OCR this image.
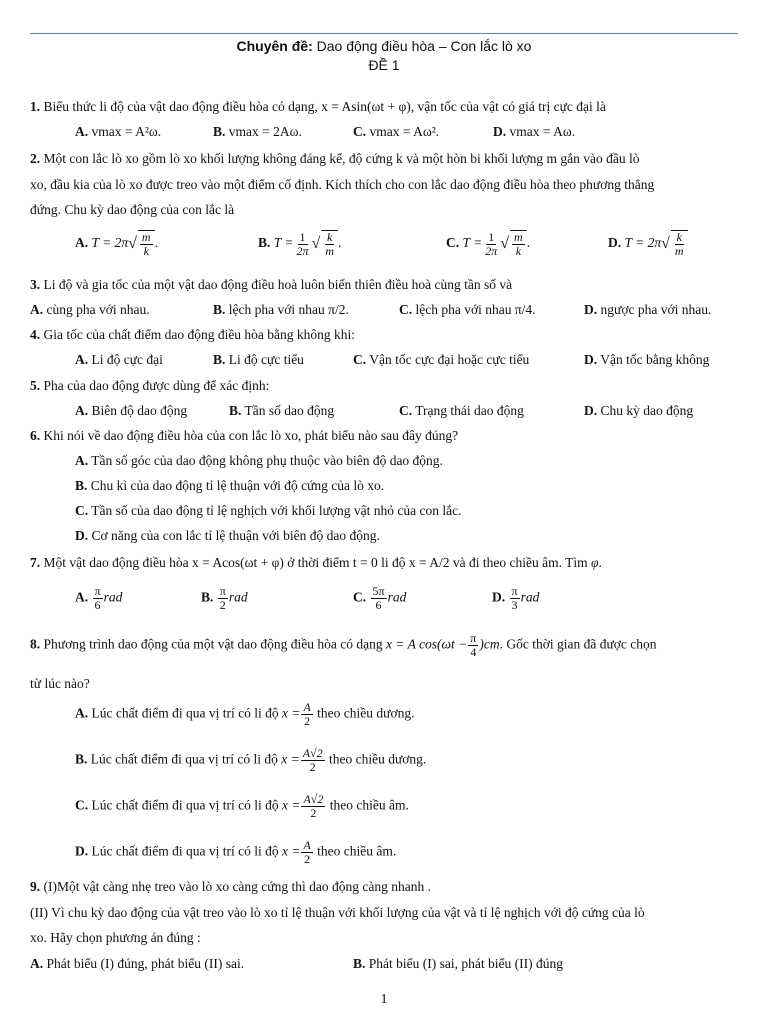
Chuyên đề: Dao động điều hòa – Con lắc lò xo
ĐỀ 1
1. Biểu thức li độ của vật dao động điều hòa có dạng, x = Asin(ωt + φ), vận tốc của vật có giá trị cực đại là
A. vmax = A²ω.	B. vmax = 2Aω.	C. vmax = Aω².	D. vmax = Aω.
2. Một con lắc lò xo gồm lò xo khối lượng không đáng kể, độ cứng k và một hòn bi khối lượng m gắn vào đầu lò
xo, đầu kia của lò xo được treo vào một điểm cố định. Kích thích cho con lắc dao động điều hòa theo phương thẳng
đứng. Chu kỳ dao động của con lắc là
A. $T = 2\pi√ \frac{m}{k}$ .	B. $T = \frac{1}{2\pi}$ √ $\frac{k}{m}$ .	C. $T = \frac{1}{2\pi}$ √ $\frac{m}{k}$ .	D. $T = 2\pi√ \frac{k}{m}$
3. Li độ và gia tốc của một vật dao động điều hoà luôn biến thiên điều hoà cùng tần số và
A. cùng pha với nhau.	B. lệch pha với nhau π/2.	C. lệch pha với nhau π/4.	D. ngược pha với nhau.
4. Gia tốc của chất điểm dao động điều hòa bằng không khi:
A. Li độ cực đại	B. Li độ cực tiểu	C. Vận tốc cực đại hoặc cực tiểu	D. Vận tốc bằng không
5. Pha của dao động được dùng để xác định:
A. Biên độ dao động	B. Tần số dao động	C. Trạng thái dao động	D. Chu kỳ dao động
6. Khi nói về dao động điều hòa của con lắc lò xo, phát biểu nào sau đây đúng?
A. Tần số góc của dao động không phụ thuộc vào biên độ dao động.
B. Chu kì của dao động tỉ lệ thuận với độ cứng của lò xo.
C. Tần số của dao động tỉ lệ nghịch với khối lượng vật nhỏ của con lắc.
D. Cơ năng của con lắc tỉ lệ thuận với biên độ dao động.
7. Một vật dao động điều hòa x = Acos(ωt + φ) ở thời điểm t = 0 li độ x = A/2 và đi theo chiều âm. Tìm φ.
A. $\frac{\pi}{6}$ rad	B. $\frac{\pi}{2}$ rad	C. $\frac{5\pi}{6}$ rad	D. $\frac{\pi}{3}$ rad
8. Phương trình dao động của một vật dao động điều hòa có dạng x = A $\cos(\omega t - \frac{\pi}{4} )cm$. Gốc thời gian đã được chọn
từ lúc nào?
A. Lúc chất điểm đi qua vị trí có li độ $x = \frac{A}{2}$ theo chiều dương.
B. Lúc chất điểm đi qua vị trí có li độ $x = \frac{A√2}{2}$ theo chiều dương.
C. Lúc chất điểm đi qua vị trí có li độ $x = \frac{A√2}{2}$ theo chiều âm.
D. Lúc chất điểm đi qua vị trí có li độ $x = \frac{A}{2}$ theo chiều âm.
9. (I)Một vật càng nhẹ treo vào lò xo càng cứng thì dao động càng nhanh .
(II) Vì chu kỳ dao động của vật treo vào lò xo tỉ lệ thuận với khối lượng của vật và tỉ lệ nghịch với độ cứng của lò
xo. Hãy chọn phương án đúng :
A. Phát biểu (I) đúng, phát biểu (II) sai.	B. Phát biểu (I) sai, phát biểu (II) đúng
1
